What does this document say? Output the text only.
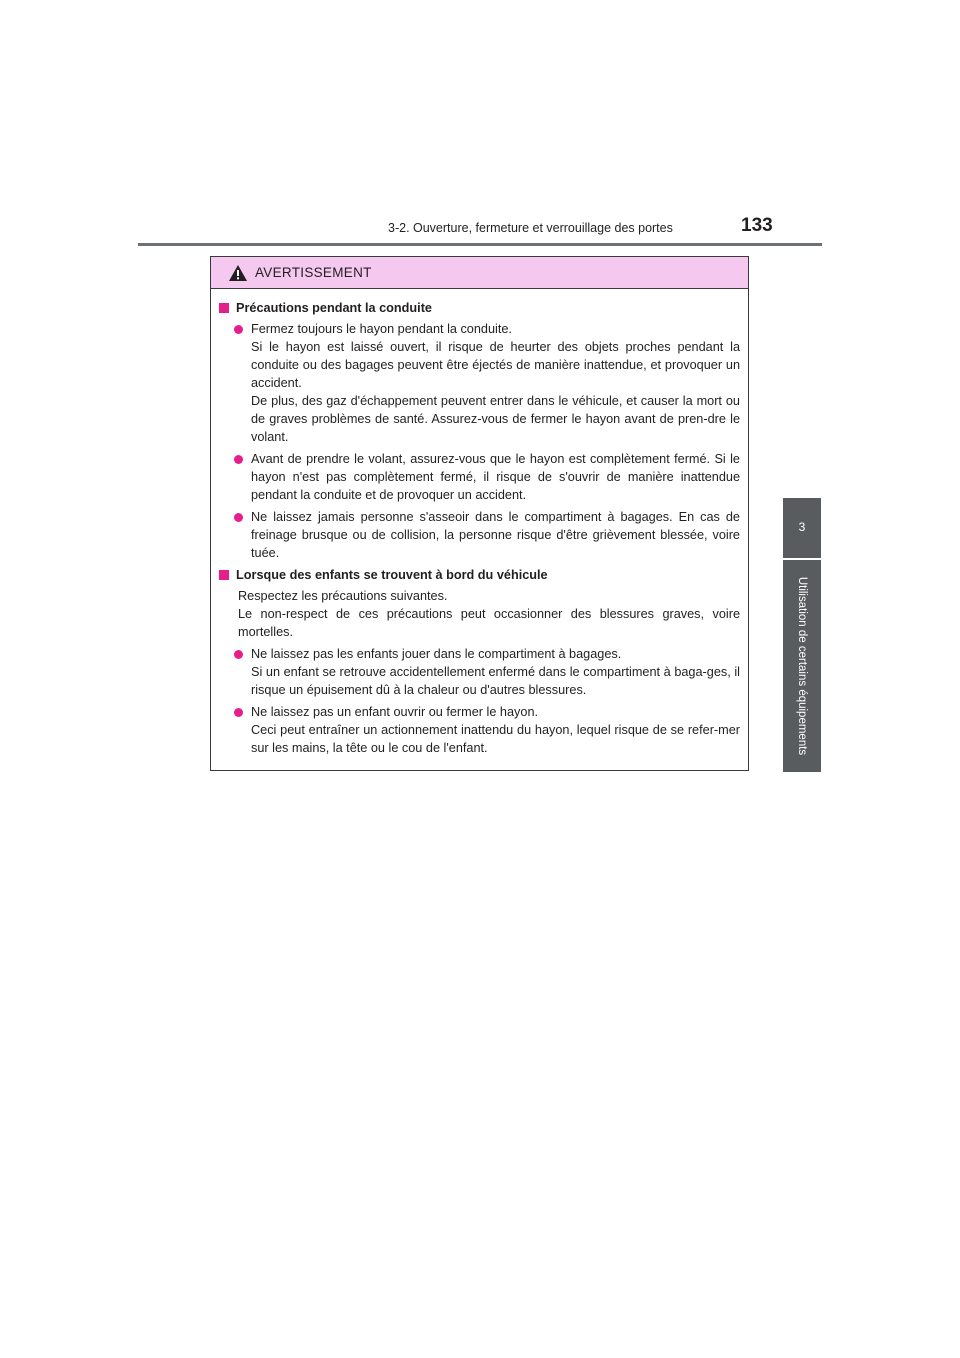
3-2. Ouverture, fermeture et verrouillage des portes	133
3
Utilisation de certains équipements
AVERTISSEMENT
Précautions pendant la conduite
Fermez toujours le hayon pendant la conduite.
Si le hayon est laissé ouvert, il risque de heurter des objets proches pendant la conduite ou des bagages peuvent être éjectés de manière inattendue, et provoquer un accident.
De plus, des gaz d'échappement peuvent entrer dans le véhicule, et causer la mort ou de graves problèmes de santé. Assurez-vous de fermer le hayon avant de pren-dre le volant.
Avant de prendre le volant, assurez-vous que le hayon est complètement fermé. Si le hayon n'est pas complètement fermé, il risque de s'ouvrir de manière inattendue pendant la conduite et de provoquer un accident.
Ne laissez jamais personne s'asseoir dans le compartiment à bagages. En cas de freinage brusque ou de collision, la personne risque d'être grièvement blessée, voire tuée.
Lorsque des enfants se trouvent à bord du véhicule
Respectez les précautions suivantes.
Le non-respect de ces précautions peut occasionner des blessures graves, voire mortelles.
Ne laissez pas les enfants jouer dans le compartiment à bagages.
Si un enfant se retrouve accidentellement enfermé dans le compartiment à baga-ges, il risque un épuisement dû à la chaleur ou d'autres blessures.
Ne laissez pas un enfant ouvrir ou fermer le hayon.
Ceci peut entraîner un actionnement inattendu du hayon, lequel risque de se refer-mer sur les mains, la tête ou le cou de l'enfant.
